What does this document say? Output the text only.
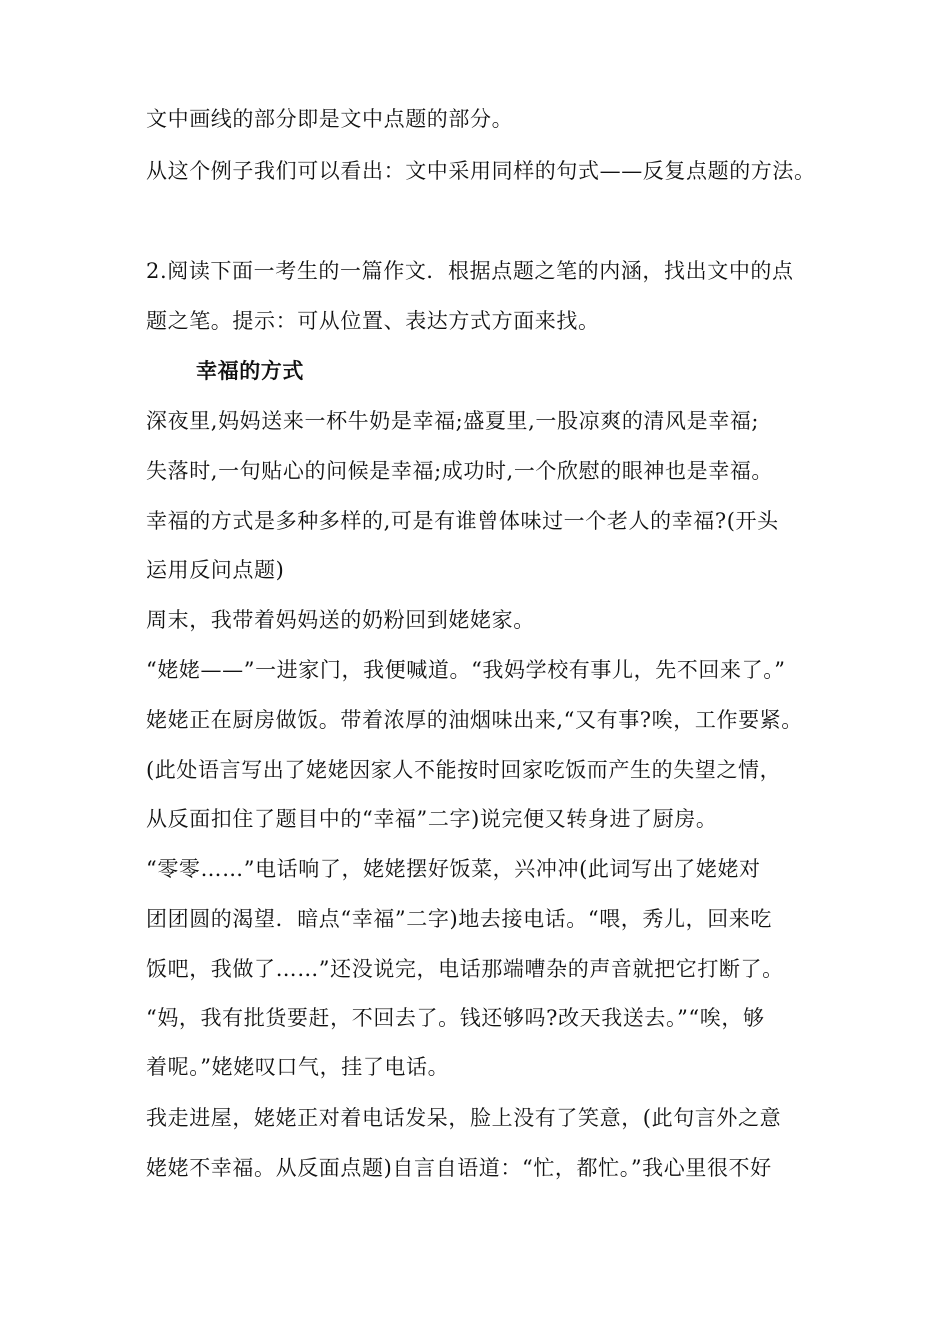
文中画线的部分即是文中点题的部分。
从这个例子我们可以看出：文中采用同样的句式——反复点题的方法。
2.阅读下面一考生的一篇作文．根据点题之笔的内涵，找出文中的点
题之笔。提示：可从位置、表达方式方面来找。
幸福的方式
深夜里,妈妈送来一杯牛奶是幸福;盛夏里,一股凉爽的清风是幸福;
失落时,一句贴心的问候是幸福;成功时,一个欣慰的眼神也是幸福。
幸福的方式是多种多样的,可是有谁曾体味过一个老人的幸福?(开头
运用反问点题)
周末，我带着妈妈送的奶粉回到姥姥家。
“姥姥——”一进家门，我便喊道。“我妈学校有事儿，先不回来了。”
姥姥正在厨房做饭。带着浓厚的油烟味出来,“又有事?唉，工作要紧。
(此处语言写出了姥姥因家人不能按时回家吃饭而产生的失望之情，
从反面扣住了题目中的“幸福”二字)说完便又转身进了厨房。
“零零……”电话响了，姥姥摆好饭菜，兴冲冲(此词写出了姥姥对
团团圆的渴望．暗点“幸福”二字)地去接电话。“喂，秀儿，回来吃
饭吧，我做了……”还没说完，电话那端嘈杂的声音就把它打断了。
“妈，我有批货要赶，不回去了。钱还够吗?改天我送去。”“唉，够
着呢。”姥姥叹口气，挂了电话。
我走进屋，姥姥正对着电话发呆，脸上没有了笑意，(此句言外之意
姥姥不幸福。从反面点题)自言自语道：“忙，都忙。”我心里很不好
